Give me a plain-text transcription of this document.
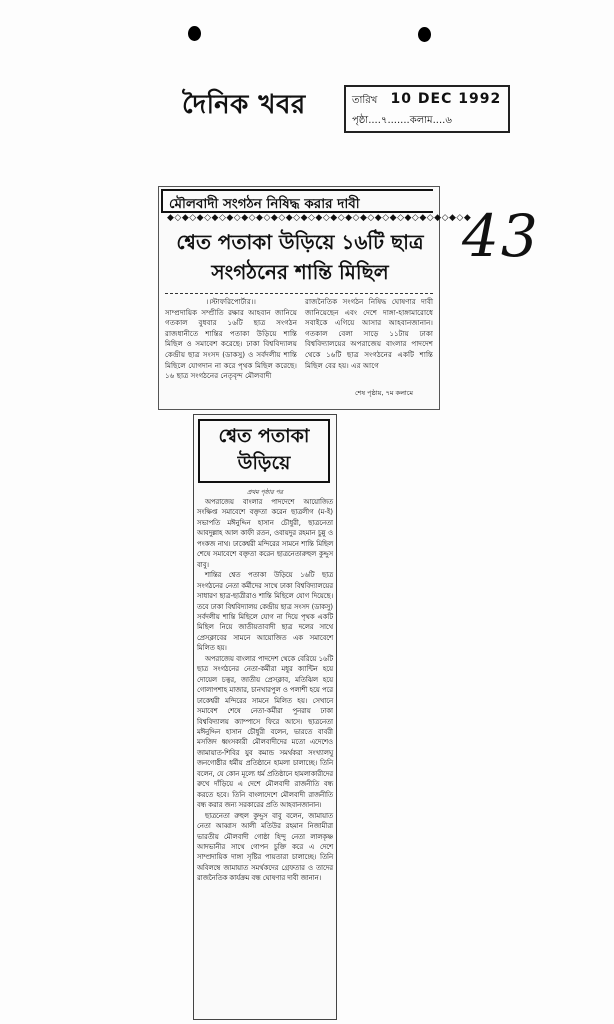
দৈনিক খবর	তারিখ 10 DEC 1992
পৃষ্ঠা....৭.......কলাম....৬
43
মৌলবাদী সংগঠন নিষিদ্ধ করার দাবী
◆◇◆◇◆◇◆◇◆◇◆◇◆◇◆◇◆◇◆◇◆◇◆◇◆◇◆◇◆◇◆◇◆◇◆◇◆◇◆◇◆
শ্বেত পতাকা উড়িয়ে ১৬টি ছাত্র
সংগঠনের শান্তি মিছিল

।।স্টাফরিপোর্টার।।

সাম্প্রদায়িক সম্প্রীতি রক্ষার আহবান জানিয়ে গতকাল বুধবার ১৬টি ছাত্র সংগঠন রাজধানীতে শান্তির পতাকা উড়িয়ে শান্তি মিছিল ও সমাবেশ করেছে। ঢাকা বিশ্ববিদ্যালয় কেন্দ্রীয় ছাত্র সংসদ (ডাকসু) ও সর্বদলীয় শান্তি মিছিলে যোগদান না করে পৃথক মিছিল করেছে। ১৬ ছাত্র সংগঠনের নেতৃবৃন্দ মৌলবাদী

রাজনৈতিক সংগঠন নিষিদ্ধ ঘোষণার দাবী জানিয়েছেন এবং দেশে দাঙ্গা-হাঙ্গামারোধে সবাইকে এগিয়ে আসার আহবানজানান। গতকাল বেলা সাড়ে ১১টায় ঢাকা বিশ্ববিদ্যালয়ের অপরাজেয় বাংলার পাদদেশ থেকে ১৬টি ছাত্র সংগঠনের একটি শান্তি মিছিল বের হয়। এর আগে

শেষ পৃষ্ঠায়, ৭ম কলামে
শ্বেত পতাকা
উড়িয়ে
প্রথম পৃষ্ঠার পর

অপরাজেয় বাংলার পাদদেশে আয়োজিত সংক্ষিপ্ত সমাবেশে বক্তৃতা করেন ছাত্রলীগ (ম-ই) সভাপতি মঈনুদ্দিন হাসান চৌধুরী, ছাত্রনেতা আবদুল্লাহ আল কাফী রতন, ওবায়দুর রহমান চুন্নু ও পংকজ নাথ। ঢাকেশ্বরী মন্দিরের সামনে শান্তি মিছিল শেষে সমাবেশে বক্তৃতা করেন ছাত্রনেতারুহুল কুদ্দুস বাবু।

শান্তির শ্বেত পতাকা উড়িয়ে ১৬টি ছাত্র সংগঠনের নেতা কর্মীদের সাথে ঢাকা বিশ্ববিদ্যালয়ের সাধারণ ছাত্র-ছাত্রীরাও শান্তি মিছিলে যোগ দিয়েছে। তবে ঢাকা বিশ্ববিদ্যালয় কেন্দ্রীয় ছাত্র সংসদ (ডাকসু) সর্বদলীয় শান্তি মিছিলে যোগ না দিয়ে পৃথক একটি মিছিল নিয়ে জাতীয়তাবাদী ছাত্র দলের সাথে প্রেসক্লাবের সামনে আয়োজিত এক সমাবেশে মিলিত হয়।

অপরাজেয় বাংলার পাদদেশ থেকে বেরিয়ে ১৬টি ছাত্র সংগঠনের নেতা-কর্মীরা মধুর ক্যান্টিন হয়ে দোয়েল চত্বর, জাতীয় প্রেসক্লাব, মতিঝিল হয়ে গোলাপশাহ মাজার, চানখারপুল ও পলাশী হয়ে পরে ঢাকেশ্বরী মন্দিরের সামনে মিলিত হয়। সেখানে সমাবেশ শেষে নেতা-কর্মীরা পুনরায় ঢাকা বিশ্ববিদ্যালয় ক্যাম্পাসে ফিরে আসে। ছাত্রনেতা মঈনুদ্দিন হাসান চৌধুরী বলেন, ভারতে বাবরী মসজিদ ধ্বংসকারী মৌলবাদীদের মতো এদেশেও জামায়াত-শিবির যুব কমান্ড সমর্থকরা সংখ্যালঘু জনগোষ্ঠীর ধর্মীয় প্রতিষ্ঠানে হামলা চালাচ্ছে। তিনি বলেন, যে কোন মূল্যে ধর্ম প্রতিষ্ঠানে হামলাকারীদের রুখে দাঁড়িয়ে এ দেশে মৌলবাদী রাজনীতি বন্ধ করতে হবে। তিনি বাংলাদেশে মৌলবাদী রাজনীতি বন্ধ করার জন্য সরকারের প্রতি আহবানজানান।

ছাত্রনেতা রুহুল কুদ্দুস বাবু বলেন, জামায়াত নেতা আব্বাস আলী মতিউর রহমান নিজামীরা ভারতীয় মৌলবাদী গোষ্ঠা হিন্দু নেতা লালকৃষ্ণ আদভানীর সাথে গোপন চুক্তি করে এ দেশে সাম্প্রদায়িক দাঙ্গা সৃষ্টির পায়তারা চালাচ্ছে। তিনি অবিলম্বে জামায়াত সমর্থকদের গ্রেফতার ও তাদের রাজনৈতিক কার্যক্রম বন্ধ ঘোষণার দাবী জানান।
